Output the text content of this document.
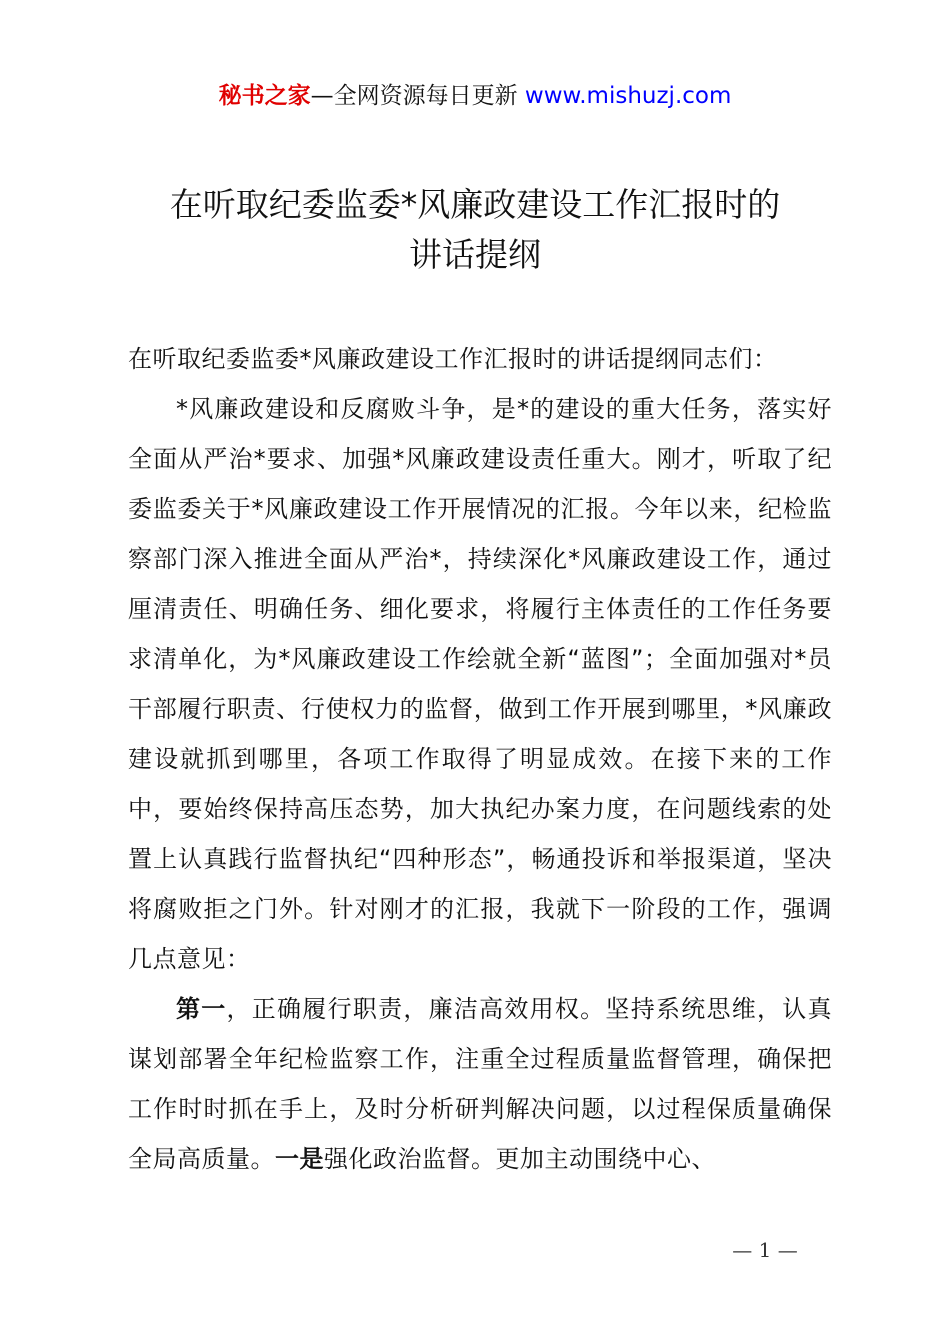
秘书之家—全网资源每日更新 www.mishuzj.com
在听取纪委监委*风廉政建设工作汇报时的
讲话提纲

在听取纪委监委*风廉政建设工作汇报时的讲话提纲同志们：

*风廉政建设和反腐败斗争，是*的建设的重大任务，落实好全面从严治*要求、加强*风廉政建设责任重大。刚才，听取了纪委监委关于*风廉政建设工作开展情况的汇报。今年以来，纪检监察部门深入推进全面从严治*，持续深化*风廉政建设工作，通过厘清责任、明确任务、细化要求，将履行主体责任的工作任务要求清单化，为*风廉政建设工作绘就全新“蓝图”；全面加强对*员干部履行职责、行使权力的监督，做到工作开展到哪里，*风廉政建设就抓到哪里，各项工作取得了明显成效。在接下来的工作中，要始终保持高压态势，加大执纪办案力度，在问题线索的处置上认真践行监督执纪“四种形态”，畅通投诉和举报渠道，坚决将腐败拒之门外。针对刚才的汇报，我就下一阶段的工作，强调几点意见：

第一，正确履行职责，廉洁高效用权。坚持系统思维，认真谋划部署全年纪检监察工作，注重全过程质量监督管理，确保把工作时时抓在手上，及时分析研判解决问题，以过程保质量确保全局高质量。一是强化政治监督。更加主动围绕中心、

— 1 —
